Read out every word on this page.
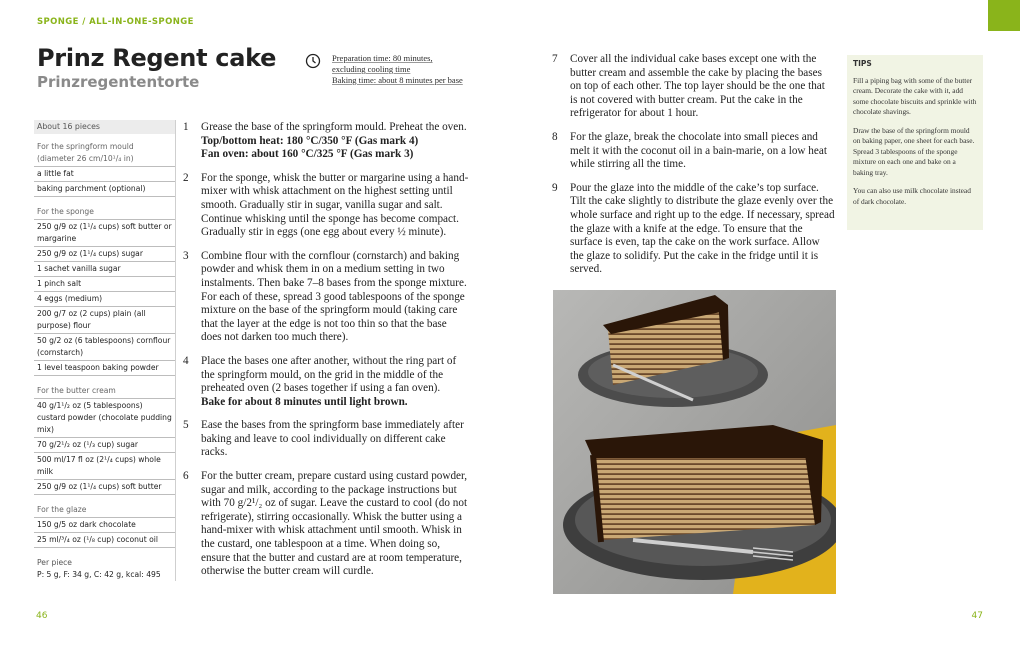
SPONGE / ALL-IN-ONE-SPONGE
Prinz Regent cake
Prinzregententorte
Preparation time: 80 minutes,
excluding cooling time
Baking time: about 8 minutes per base
About 16 pieces
For the springform mould (diameter 26 cm/10¹/₄ in)
a little fat
baking parchment (optional)
For the sponge
250 g/9 oz (1¹/₄ cups) soft butter or margarine
250 g/9 oz (1¹/₄ cups) sugar
1 sachet vanilla sugar
1 pinch salt
4 eggs (medium)
200 g/7 oz (2 cups) plain (all purpose) flour
50 g/2 oz (6 tablespoons) cornflour (cornstarch)
1 level teaspoon baking powder
For the butter cream
40 g/1¹/₂ oz (5 tablespoons) custard powder (chocolate pudding mix)
70 g/2¹/₂ oz (¹/₃ cup) sugar
500 ml/17 fl oz (2¹/₄ cups) whole milk
250 g/9 oz (1¹/₄ cups) soft butter
For the glaze
150 g/5 oz dark chocolate
25 ml/³/₄ oz (¹/₈ cup) coconut oil
Per piece
P: 5 g, F: 34 g, C: 42 g, kcal: 495
1 Grease the base of the springform mould. Preheat the oven.
Top/bottom heat: 180 °C/350 °F (Gas mark 4)
Fan oven: about 160 °C/325 °F (Gas mark 3)
2 For the sponge, whisk the butter or margarine using a hand-mixer with whisk attachment on the highest setting until smooth. Gradually stir in sugar, vanilla sugar and salt. Continue whisking until the sponge has become compact. Gradually stir in eggs (one egg about every ½ minute).
3 Combine flour with the cornflour (cornstarch) and baking powder and whisk them in on a medium setting in two instalments. Then bake 7–8 bases from the sponge mixture. For each of these, spread 3 good tablespoons of the sponge mixture on the base of the springform mould (taking care that the layer at the edge is not too thin so that the base does not darken too much there).
4 Place the bases one after another, without the ring part of the springform mould, on the grid in the middle of the preheated oven (2 bases together if using a fan oven).
Bake for about 8 minutes until light brown.
5 Ease the bases from the springform base immediately after baking and leave to cool individually on different cake racks.
6 For the butter cream, prepare custard using custard powder, sugar and milk, according to the package instructions but with 70 g/2¹/₂ oz of sugar. Leave the custard to cool (do not refrigerate), stirring occasionally. Whisk the butter using a hand-mixer with whisk attachment until smooth. Whisk in the custard, one tablespoon at a time. When doing so, ensure that the butter and custard are at room temperature, otherwise the butter cream will curdle.
7 Cover all the individual cake bases except one with the butter cream and assemble the cake by placing the bases on top of each other. The top layer should be the one that is not covered with butter cream. Put the cake in the refrigerator for about 1 hour.
8 For the glaze, break the chocolate into small pieces and melt it with the coconut oil in a bain-marie, on a low heat while stirring all the time.
9 Pour the glaze into the middle of the cake’s top surface. Tilt the cake slightly to distribute the glaze evenly over the whole surface and right up to the edge. If necessary, spread the glaze with a knife at the edge. To ensure that the surface is even, tap the cake on the work surface. Allow the glaze to solidify. Put the cake in the fridge until it is served.
TIPS

Fill a piping bag with some of the butter cream. Decorate the cake with it, add some chocolate biscuits and sprinkle with chocolate shavings.

Draw the base of the springform mould on baking paper, one sheet for each base. Spread 3 tablespoons of the sponge mixture on each one and bake on a baking tray.

You can also use milk chocolate instead of dark chocolate.

46	47
